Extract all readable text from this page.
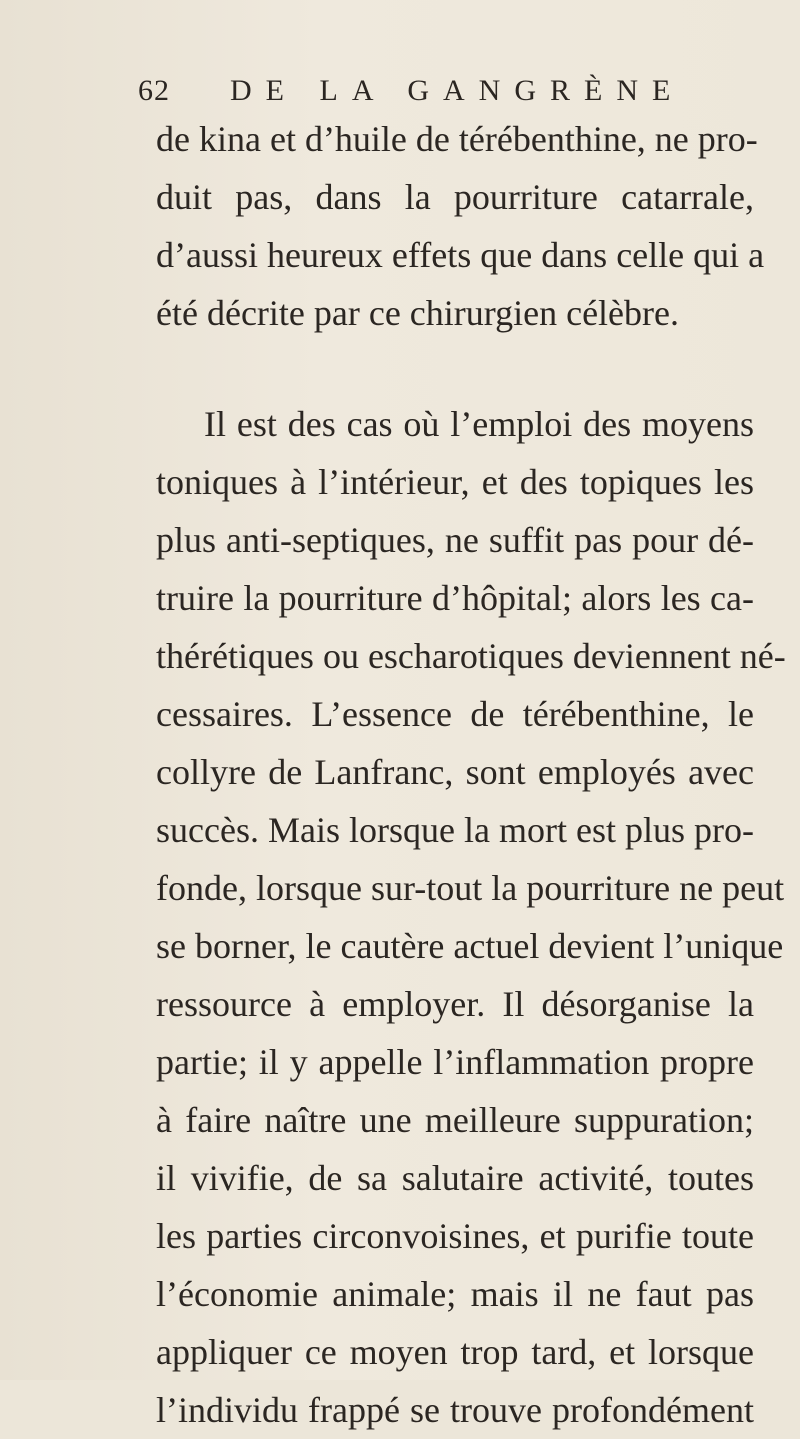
62 DE LA GANGRÈNE
de kina et d’huile de térébenthine, ne pro-
duit pas, dans la pourriture catarrale,
d’aussi heureux effets que dans celle qui a
été décrite par ce chirurgien célèbre.
Il est des cas où l’emploi des moyens
toniques à l’intérieur, et des topiques les
plus anti-septiques, ne suffit pas pour dé-
truire la pourriture d’hôpital; alors les ca-
thérétiques ou escharotiques deviennent né-
cessaires. L’essence de térébenthine, le
collyre de Lanfranc, sont employés avec
succès. Mais lorsque la mort est plus pro-
fonde, lorsque sur-tout la pourriture ne peut
se borner, le cautère actuel devient l’unique
ressource à employer. Il désorganise la
partie; il y appelle l’inflammation propre
à faire naître une meilleure suppuration;
il vivifie, de sa salutaire activité, toutes
les parties circonvoisines, et purifie toute
l’économie animale; mais il ne faut pas
appliquer ce moyen trop tard, et lorsque
l’individu frappé se trouve profondément
